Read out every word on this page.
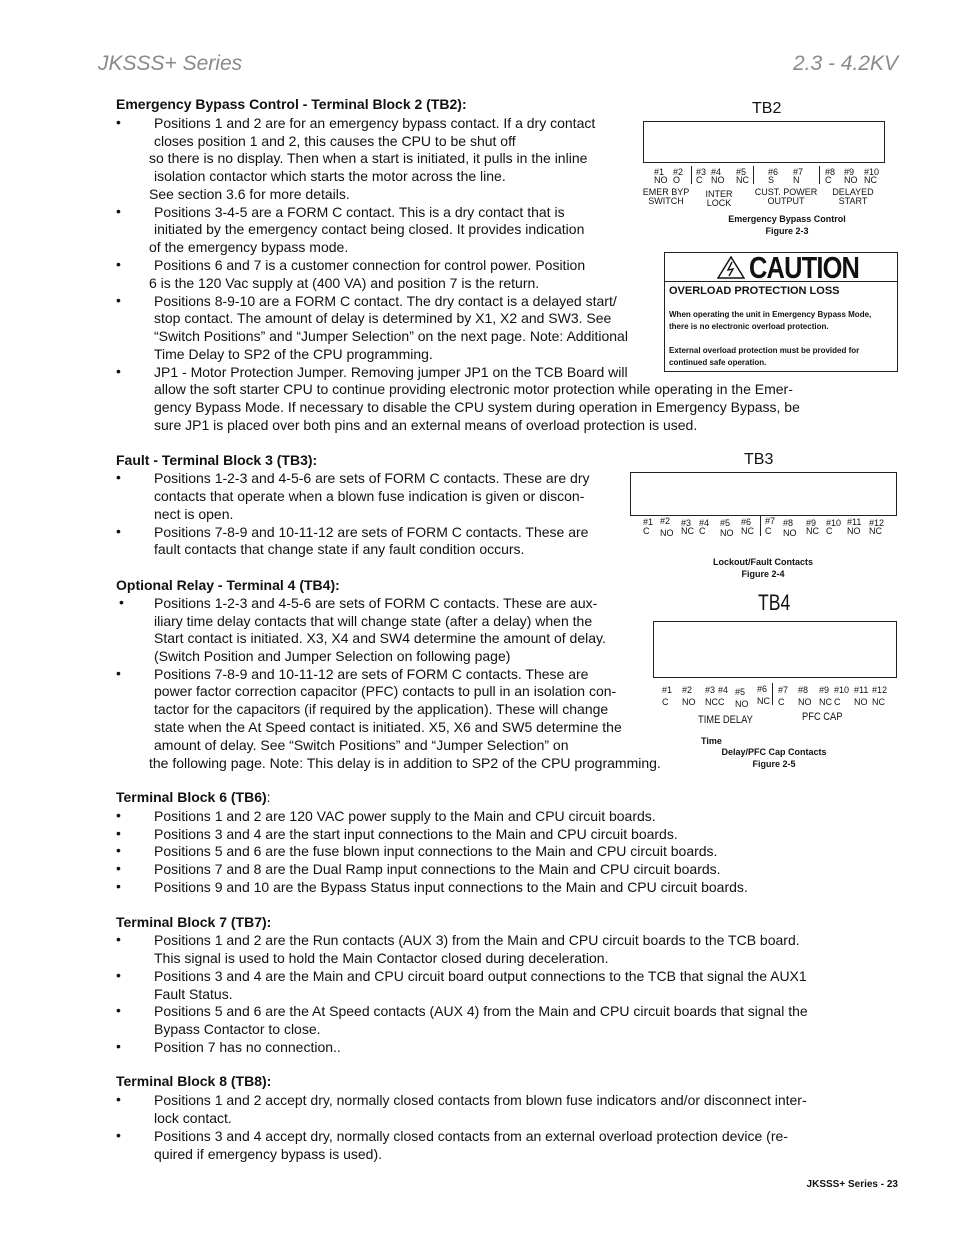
JKSSS+ Series	2.3 - 4.2KV
Emergency Bypass Control - Terminal Block 2 (TB2):
• Positions 1 and 2 are for an emergency bypass contact. If a dry contact
closes position 1 and 2, this causes the CPU to be shut off
so there is no display. Then when a start is initiated, it pulls in the inline
isolation contactor which starts the motor across the line.
See section 3.6 for more details.
• Positions 3-4-5 are a FORM C contact. This is a dry contact that is
initiated by the emergency contact being closed. It provides indication
of the emergency bypass mode.
• Positions 6 and 7 is a customer connection for control power. Position
6 is the 120 Vac supply at (400 VA) and position 7 is the return.
• Positions 8-9-10 are a FORM C contact. The dry contact is a delayed start/
stop contact. The amount of delay is determined by X1, X2 and SW3. See
“Switch Positions” and “Jumper Selection” on the next page. Note: Additional
Time Delay to SP2 of the CPU programming.
• JP1 - Motor Protection Jumper. Removing jumper JP1 on the TCB Board will
allow the soft starter CPU to continue providing electronic motor protection while operating in the Emer-
gency Bypass Mode. If necessary to disable the CPU system during operation in Emergency Bypass, be
sure JP1 is placed over both pins and an external means of overload protection is used.
TB2
#1
NO
#2
O
#3
C
#4
NO
#5
NC
#6
S
#7
N
#8
C
#9
NO
#10
NC
EMER BYP
SWITCH
INTER
LOCK
CUST. POWER
OUTPUT
DELAYED
START
Emergency Bypass Control
Figure 2-3
CAUTION
OVERLOAD PROTECTION LOSS
When operating the unit in Emergency Bypass Mode,
there is no electronic overload protection.
External overload protection must be provided for
continued safe operation.
Fault - Terminal Block 3 (TB3):
• Positions 1-2-3 and 4-5-6 are sets of FORM C contacts. These are dry
contacts that operate when a blown fuse indication is given or discon-
nect is open.
• Positions 7-8-9 and 10-11-12 are sets of FORM C contacts. These are
fault contacts that change state if any fault condition occurs.
TB3
#1
C
#2
NO
#3
NC
#4
C
#5
NO
#6
NC
#7
C
#8
NO
#9
NC
#10
C
#11
NO
#12
NC
Lockout/Fault Contacts
Figure 2-4
Optional Relay - Terminal 4 (TB4):
• Positions 1-2-3 and 4-5-6 are sets of FORM C contacts. These are aux-
iliary time delay contacts that will change state (after a delay) when the
Start contact is initiated. X3, X4 and SW4 determine the amount of delay.
(Switch Position and Jumper Selection on following page)
• Positions 7-8-9 and 10-11-12 are sets of FORM C contacts. These are
power factor correction capacitor (PFC) contacts to pull in an isolation con-
tactor for the capacitors (if required by the application). These will change
state when the At Speed contact is initiated. X5, X6 and SW5 determine the
amount of delay. See “Switch Positions” and “Jumper Selection” on
the following page. Note: This delay is in addition to SP2 of the CPU programming.
TB4
#1
C
#2
NO
#3
NC
#4
C
#5
NO
#6
NC
#7
C
#8
NO
#9
NC
#10
C
#11
NO
#12
NC
TIME DELAY	PFC CAP
Time
Delay/PFC Cap Contacts
Figure 2-5
Terminal Block 6 (TB6):
• Positions 1 and 2 are 120 VAC power supply to the Main and CPU circuit boards.
• Positions 3 and 4 are the start input connections to the Main and CPU circuit boards.
• Positions 5 and 6 are the fuse blown input connections to the Main and CPU circuit boards.
• Positions 7 and 8 are the Dual Ramp input connections to the Main and CPU circuit boards.
• Positions 9 and 10 are the Bypass Status input connections to the Main and CPU circuit boards.
Terminal Block 7 (TB7):
• Positions 1 and 2 are the Run contacts (AUX 3) from the Main and CPU circuit boards to the TCB board.
This signal is used to hold the Main Contactor closed during deceleration.
• Positions 3 and 4 are the Main and CPU circuit board output connections to the TCB that signal the AUX1
Fault Status.
• Positions 5 and 6 are the At Speed contacts (AUX 4) from the Main and CPU circuit boards that signal the
Bypass Contactor to close.
• Position 7 has no connection..
Terminal Block 8 (TB8):
• Positions 1 and 2 accept dry, normally closed contacts from blown fuse indicators and/or disconnect inter-
lock contact.
• Positions 3 and 4 accept dry, normally closed contacts from an external overload protection device (re-
quired if emergency bypass is used).
JKSSS+ Series - 23
